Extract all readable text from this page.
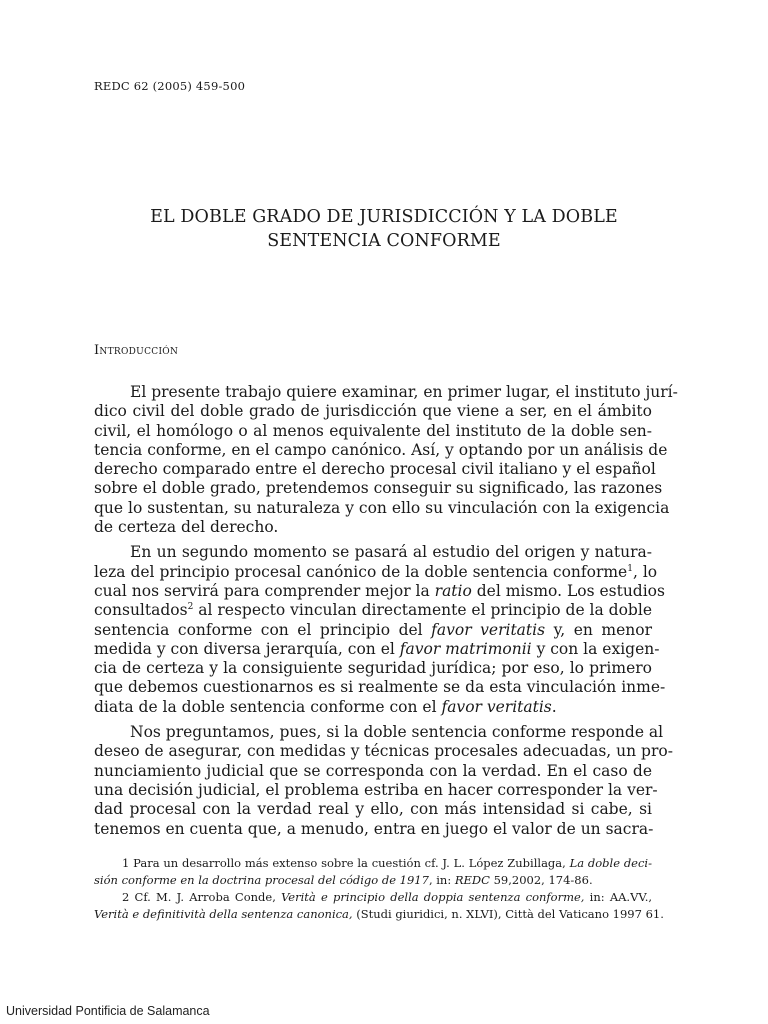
REDC 62 (2005) 459-500
EL DOBLE GRADO DE JURISDICCIÓN Y LA DOBLE
SENTENCIA CONFORME
Introducción
El presente trabajo quiere examinar, en primer lugar, el instituto jurí-
dico civil del doble grado de jurisdicción que viene a ser, en el ámbito
civil, el homólogo o al menos equivalente del instituto de la doble sen-
tencia conforme, en el campo canónico. Así, y optando por un análisis de
derecho comparado entre el derecho procesal civil italiano y el español
sobre el doble grado, pretendemos conseguir su significado, las razones
que lo sustentan, su naturaleza y con ello su vinculación con la exigencia
de certeza del derecho.
En un segundo momento se pasará al estudio del origen y natura-
leza del principio procesal canónico de la doble sentencia conforme$^1$, lo
cual nos servirá para comprender mejor la ratio del mismo. Los estudios
consultados$^2$ al respecto vinculan directamente el principio de la doble
sentencia conforme con el principio del favor veritatis y, en menor
medida y con diversa jerarquía, con el favor matrimonii y con la exigen-
cia de certeza y la consiguiente seguridad jurídica; por eso, lo primero
que debemos cuestionarnos es si realmente se da esta vinculación inme-
diata de la doble sentencia conforme con el favor veritatis.
Nos preguntamos, pues, si la doble sentencia conforme responde al
deseo de asegurar, con medidas y técnicas procesales adecuadas, un pro-
nunciamiento judicial que se corresponda con la verdad. En el caso de
una decisión judicial, el problema estriba en hacer corresponder la ver-
dad procesal con la verdad real y ello, con más intensidad si cabe, si
tenemos en cuenta que, a menudo, entra en juego el valor de un sacra-
1 Para un desarrollo más extenso sobre la cuestión cf. J. L. López Zubillaga, La doble deci-
sión conforme en la doctrina procesal del código de 1917, in: REDC 59,2002, 174-86.
2 Cf. M. J. Arroba Conde, Verità e principio della doppia sentenza conforme, in: AA.VV.,
Verità e definitività della sentenza canonica, (Studi giuridici, n. XLVI), Città del Vaticano 1997 61.
Universidad Pontificia de Salamanca
